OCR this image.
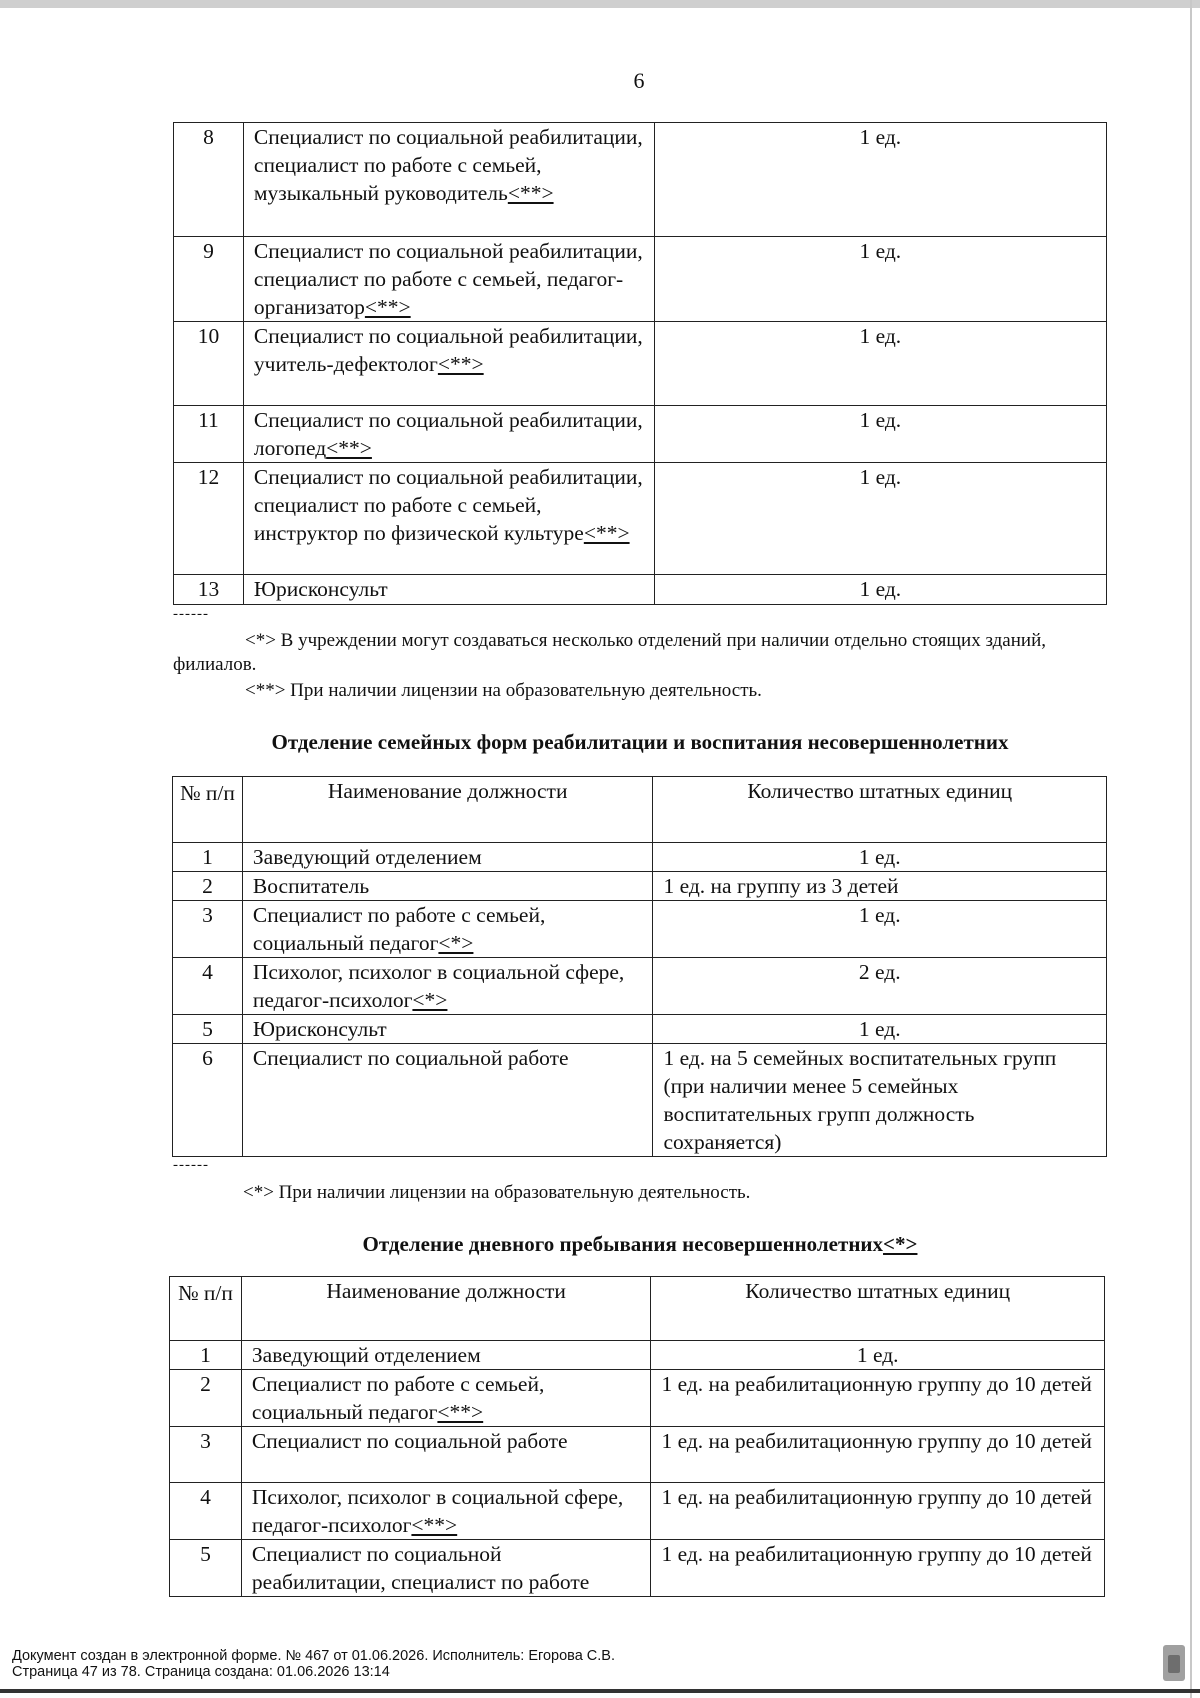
6
8	Специалист по социальной реабилитации, специалист по работе с семьей, музыкальный руководитель<**>	1 ед.
9	Специалист по социальной реабилитации, специалист по работе с семьей, педагог-организатор<**>	1 ед.
10	Специалист по социальной реабилитации, учитель-дефектолог<**>	1 ед.
11	Специалист по социальной реабилитации, логопед<**>	1 ед.
12	Специалист по социальной реабилитации, специалист по работе с семьей, инструктор по физической культуре<**>	1 ед.
13	Юрисконсульт	1 ед.
------
<*> В учреждении могут создаваться несколько отделений при наличии отдельно стоящих зданий, филиалов.
<**> При наличии лицензии на образовательную деятельность.
Отделение семейных форм реабилитации и воспитания несовершеннолетних
№ п/п	Наименование должности	Количество штатных единиц
1	Заведующий отделением	1 ед.
2	Воспитатель	1 ед. на группу из 3 детей
3	Специалист по работе с семьей, социальный педагог<*>	1 ед.
4	Психолог, психолог в социальной сфере, педагог-психолог<*>	2 ед.
5	Юрисконсульт	1 ед.
6	Специалист по социальной работе	1 ед. на 5 семейных воспитательных групп (при наличии менее 5 семейных воспитательных групп должность сохраняется)
------
<*> При наличии лицензии на образовательную деятельность.
Отделение дневного пребывания несовершеннолетних<*>
№ п/п	Наименование должности	Количество штатных единиц
1	Заведующий отделением	1 ед.
2	Специалист по работе с семьей, социальный педагог<**>	1 ед. на реабилитационную группу до 10 детей
3	Специалист по социальной работе	1 ед. на реабилитационную группу до 10 детей
4	Психолог, психолог в социальной сфере, педагог-психолог<**>	1 ед. на реабилитационную группу до 10 детей
5	Специалист по социальной реабилитации, специалист по работе	1 ед. на реабилитационную группу до 10 детей
Документ создан в электронной форме. № 467 от 01.06.2026. Исполнитель: Егорова С.В.
Страница 47 из 78. Страница создана: 01.06.2026 13:14
